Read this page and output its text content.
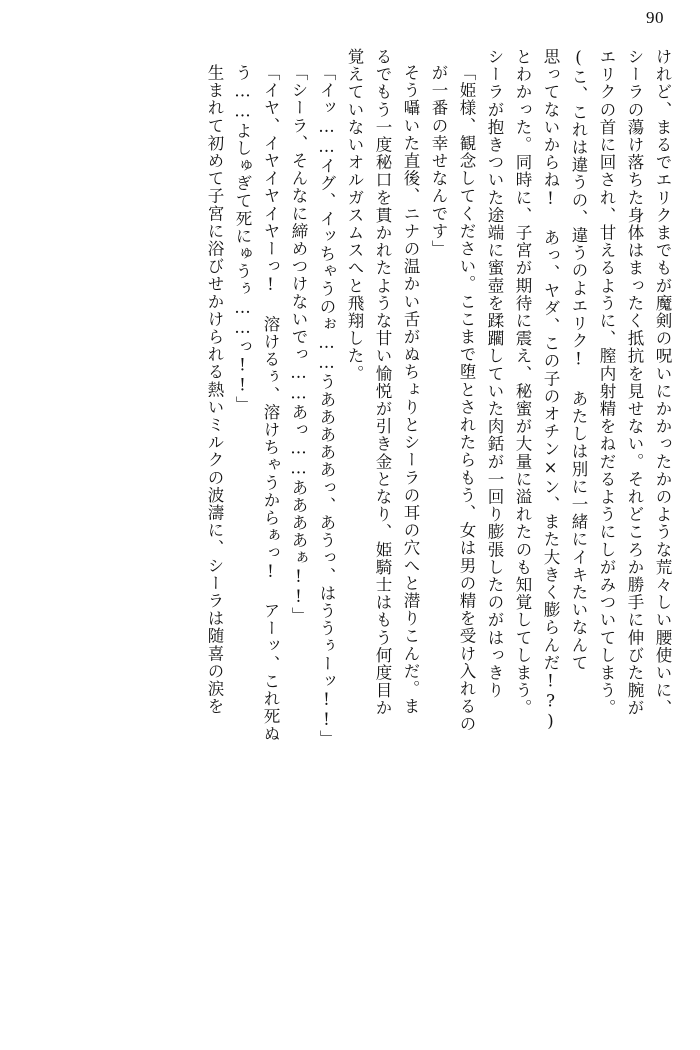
90
けれど、まるでエリクまでもが魔剣の呪いにかかったかのような荒々しい腰使いに、
シーラの蕩け落ちた身体はまったく抵抗を見せない。それどころか勝手に伸びた腕が
エリクの首に回され、甘えるように、膣内射精をねだるようにしがみついてしまう。
(こ、これは違うの、違うのよエリク! あたしは別に一緒にイキたいなんて
思ってないからね! あっ、ヤダ、この子のオチン×ン、また大きく膨らんだ!?)
とわかった。同時に、子宮が期待に震え、秘蜜が大量に溢れたのも知覚してしまう。
シーラが抱きついた途端に蜜壺を蹂躙していた肉銛が一回り膨張したのがはっきり
「姫様、観念してください。ここまで堕とされたらもう、女は男の精を受け入れるの
が一番の幸せなんです」
そう囁いた直後、ニナの温かい舌がぬちょりとシーラの耳の穴へと潜りこんだ。ま
るでもう一度秘口を貫かれたような甘い愉悦が引き金となり、姫騎士はもう何度目か
覚えていないオルガスムスへと飛翔した。
「イッ……イグ、イッちゃうのぉ……うあああああっ、あうっ、はううぅーッ!!」
「シーラ、そんなに締めつけないでっ……あっ……ああああぁ!!」
「イヤ、イヤイヤイヤーっ! 溶けるぅ、溶けちゃうからぁっ! アーッ、これ死ぬ
う……よしゅぎて死にゅうぅ……っ!!」
生まれて初めて子宮に浴びせかけられる熱いミルクの波濤に、シーラは随喜の涙を
